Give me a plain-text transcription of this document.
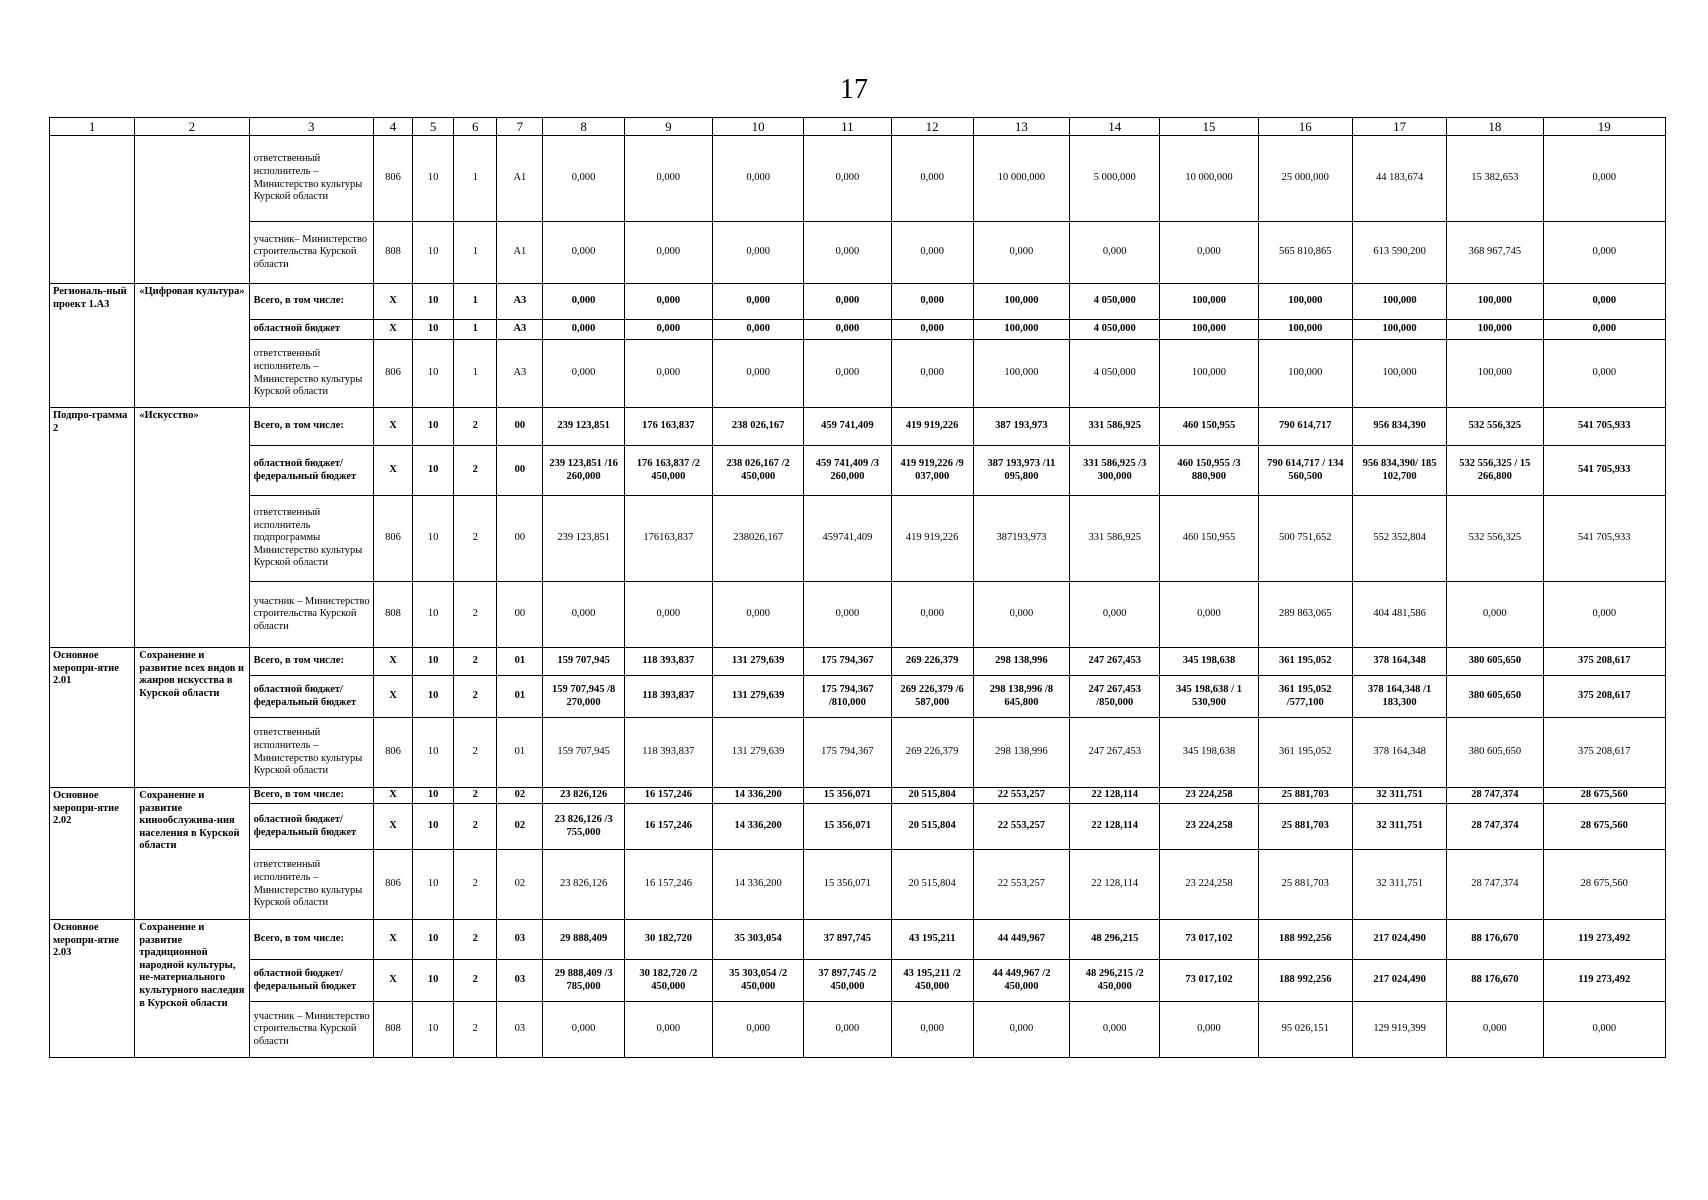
17
1	2	3	4	5	6	7	8	9	10	11	12	13	14	15	16	17	18	19
		ответственный исполнитель – Министерство культуры Курской области	806	10	1	А1	0,000	0,000	0,000	0,000	0,000	10 000,000	5 000,000	10 000,000	25 000,000	44 183,674	15 382,653	0,000
		участник– Министерство строительства Курской области	808	10	1	А1	0,000	0,000	0,000	0,000	0,000	0,000	0,000	0,000	565 810,865	613 590,200	368 967,745	0,000
Региональ-ный проект 1.А3	«Цифровая культура»	Всего, в том числе:	Х	10	1	А3	0,000	0,000	0,000	0,000	0,000	100,000	4 050,000	100,000	100,000	100,000	100,000	0,000
		областной бюджет	Х	10	1	А3	0,000	0,000	0,000	0,000	0,000	100,000	4 050,000	100,000	100,000	100,000	100,000	0,000
		ответственный исполнитель – Министерство культуры Курской области	806	10	1	А3	0,000	0,000	0,000	0,000	0,000	100,000	4 050,000	100,000	100,000	100,000	100,000	0,000
Подпро-грамма 2	«Искусство»	Всего, в том числе:	Х	10	2	00	239 123,851	176 163,837	238 026,167	459 741,409	419 919,226	387 193,973	331 586,925	460 150,955	790 614,717	956 834,390	532 556,325	541 705,933
		областной бюджет/ федеральный бюджет	Х	10	2	00	239 123,851 /16 260,000	176 163,837 /2 450,000	238 026,167 /2 450,000	459 741,409 /3 260,000	419 919,226 /9 037,000	387 193,973 /11 095,800	331 586,925 /3 300,000	460 150,955 /3 880,900	790 614,717 / 134 560,500	956 834,390/ 185 102,700	532 556,325 / 15 266,800	541 705,933
		ответственный исполнитель подпрограммы Министерство культуры Курской области	806	10	2	00	239 123,851	176163,837	238026,167	459741,409	419 919,226	387193,973	331 586,925	460 150,955	500 751,652	552 352,804	532 556,325	541 705,933
		участник – Министерство строительства Курской области	808	10	2	00	0,000	0,000	0,000	0,000	0,000	0,000	0,000	0,000	289 863,065	404 481,586	0,000	0,000
Основное меропри-ятие 2.01	Сохранение и развитие всех видов и жанров искусства в Курской области	Всего, в том числе:	Х	10	2	01	159 707,945	118 393,837	131 279,639	175 794,367	269 226,379	298 138,996	247 267,453	345 198,638	361 195,052	378 164,348	380 605,650	375 208,617
		областной бюджет/ федеральный бюджет	Х	10	2	01	159 707,945 /8 270,000	118 393,837	131 279,639	175 794,367 /810,000	269 226,379 /6 587,000	298 138,996 /8 645,800	247 267,453 /850,000	345 198,638 / 1 530,900	361 195,052 /577,100	378 164,348 /1 183,300	380 605,650	375 208,617
		ответственный исполнитель – Министерство культуры Курской области	806	10	2	01	159 707,945	118 393,837	131 279,639	175 794,367	269 226,379	298 138,996	247 267,453	345 198,638	361 195,052	378 164,348	380 605,650	375 208,617
Основное меропри-ятие 2.02	Сохранение и развитие кинообслужива-ния населения в Курской области	Всего, в том числе:	Х	10	2	02	23 826,126	16 157,246	14 336,200	15 356,071	20 515,804	22 553,257	22 128,114	23 224,258	25 881,703	32 311,751	28 747,374	28 675,560
		областной бюджет/ федеральный бюджет	Х	10	2	02	23 826,126 /3 755,000	16 157,246	14 336,200	15 356,071	20 515,804	22 553,257	22 128,114	23 224,258	25 881,703	32 311,751	28 747,374	28 675,560
		ответственный исполнитель – Министерство культуры Курской области	806	10	2	02	23 826,126	16 157,246	14 336,200	15 356,071	20 515,804	22 553,257	22 128,114	23 224,258	25 881,703	32 311,751	28 747,374	28 675,560
Основное меропри-ятие 2.03	Сохранение и развитие традиционной народной культуры, не-материального культурного наследия в Курской области	Всего, в том числе:	Х	10	2	03	29 888,409	30 182,720	35 303,054	37 897,745	43 195,211	44 449,967	48 296,215	73 017,102	188 992,256	217 024,490	88 176,670	119 273,492
		областной бюджет/ федеральный бюджет	Х	10	2	03	29 888,409 /3 785,000	30 182,720 /2 450,000	35 303,054 /2 450,000	37 897,745 /2 450,000	43 195,211 /2 450,000	44 449,967 /2 450,000	48 296,215 /2 450,000	73 017,102	188 992,256	217 024,490	88 176,670	119 273,492
		участник – Министерство строительства Курской области	808	10	2	03	0,000	0,000	0,000	0,000	0,000	0,000	0,000	0,000	95 026,151	129 919,399	0,000	0,000
